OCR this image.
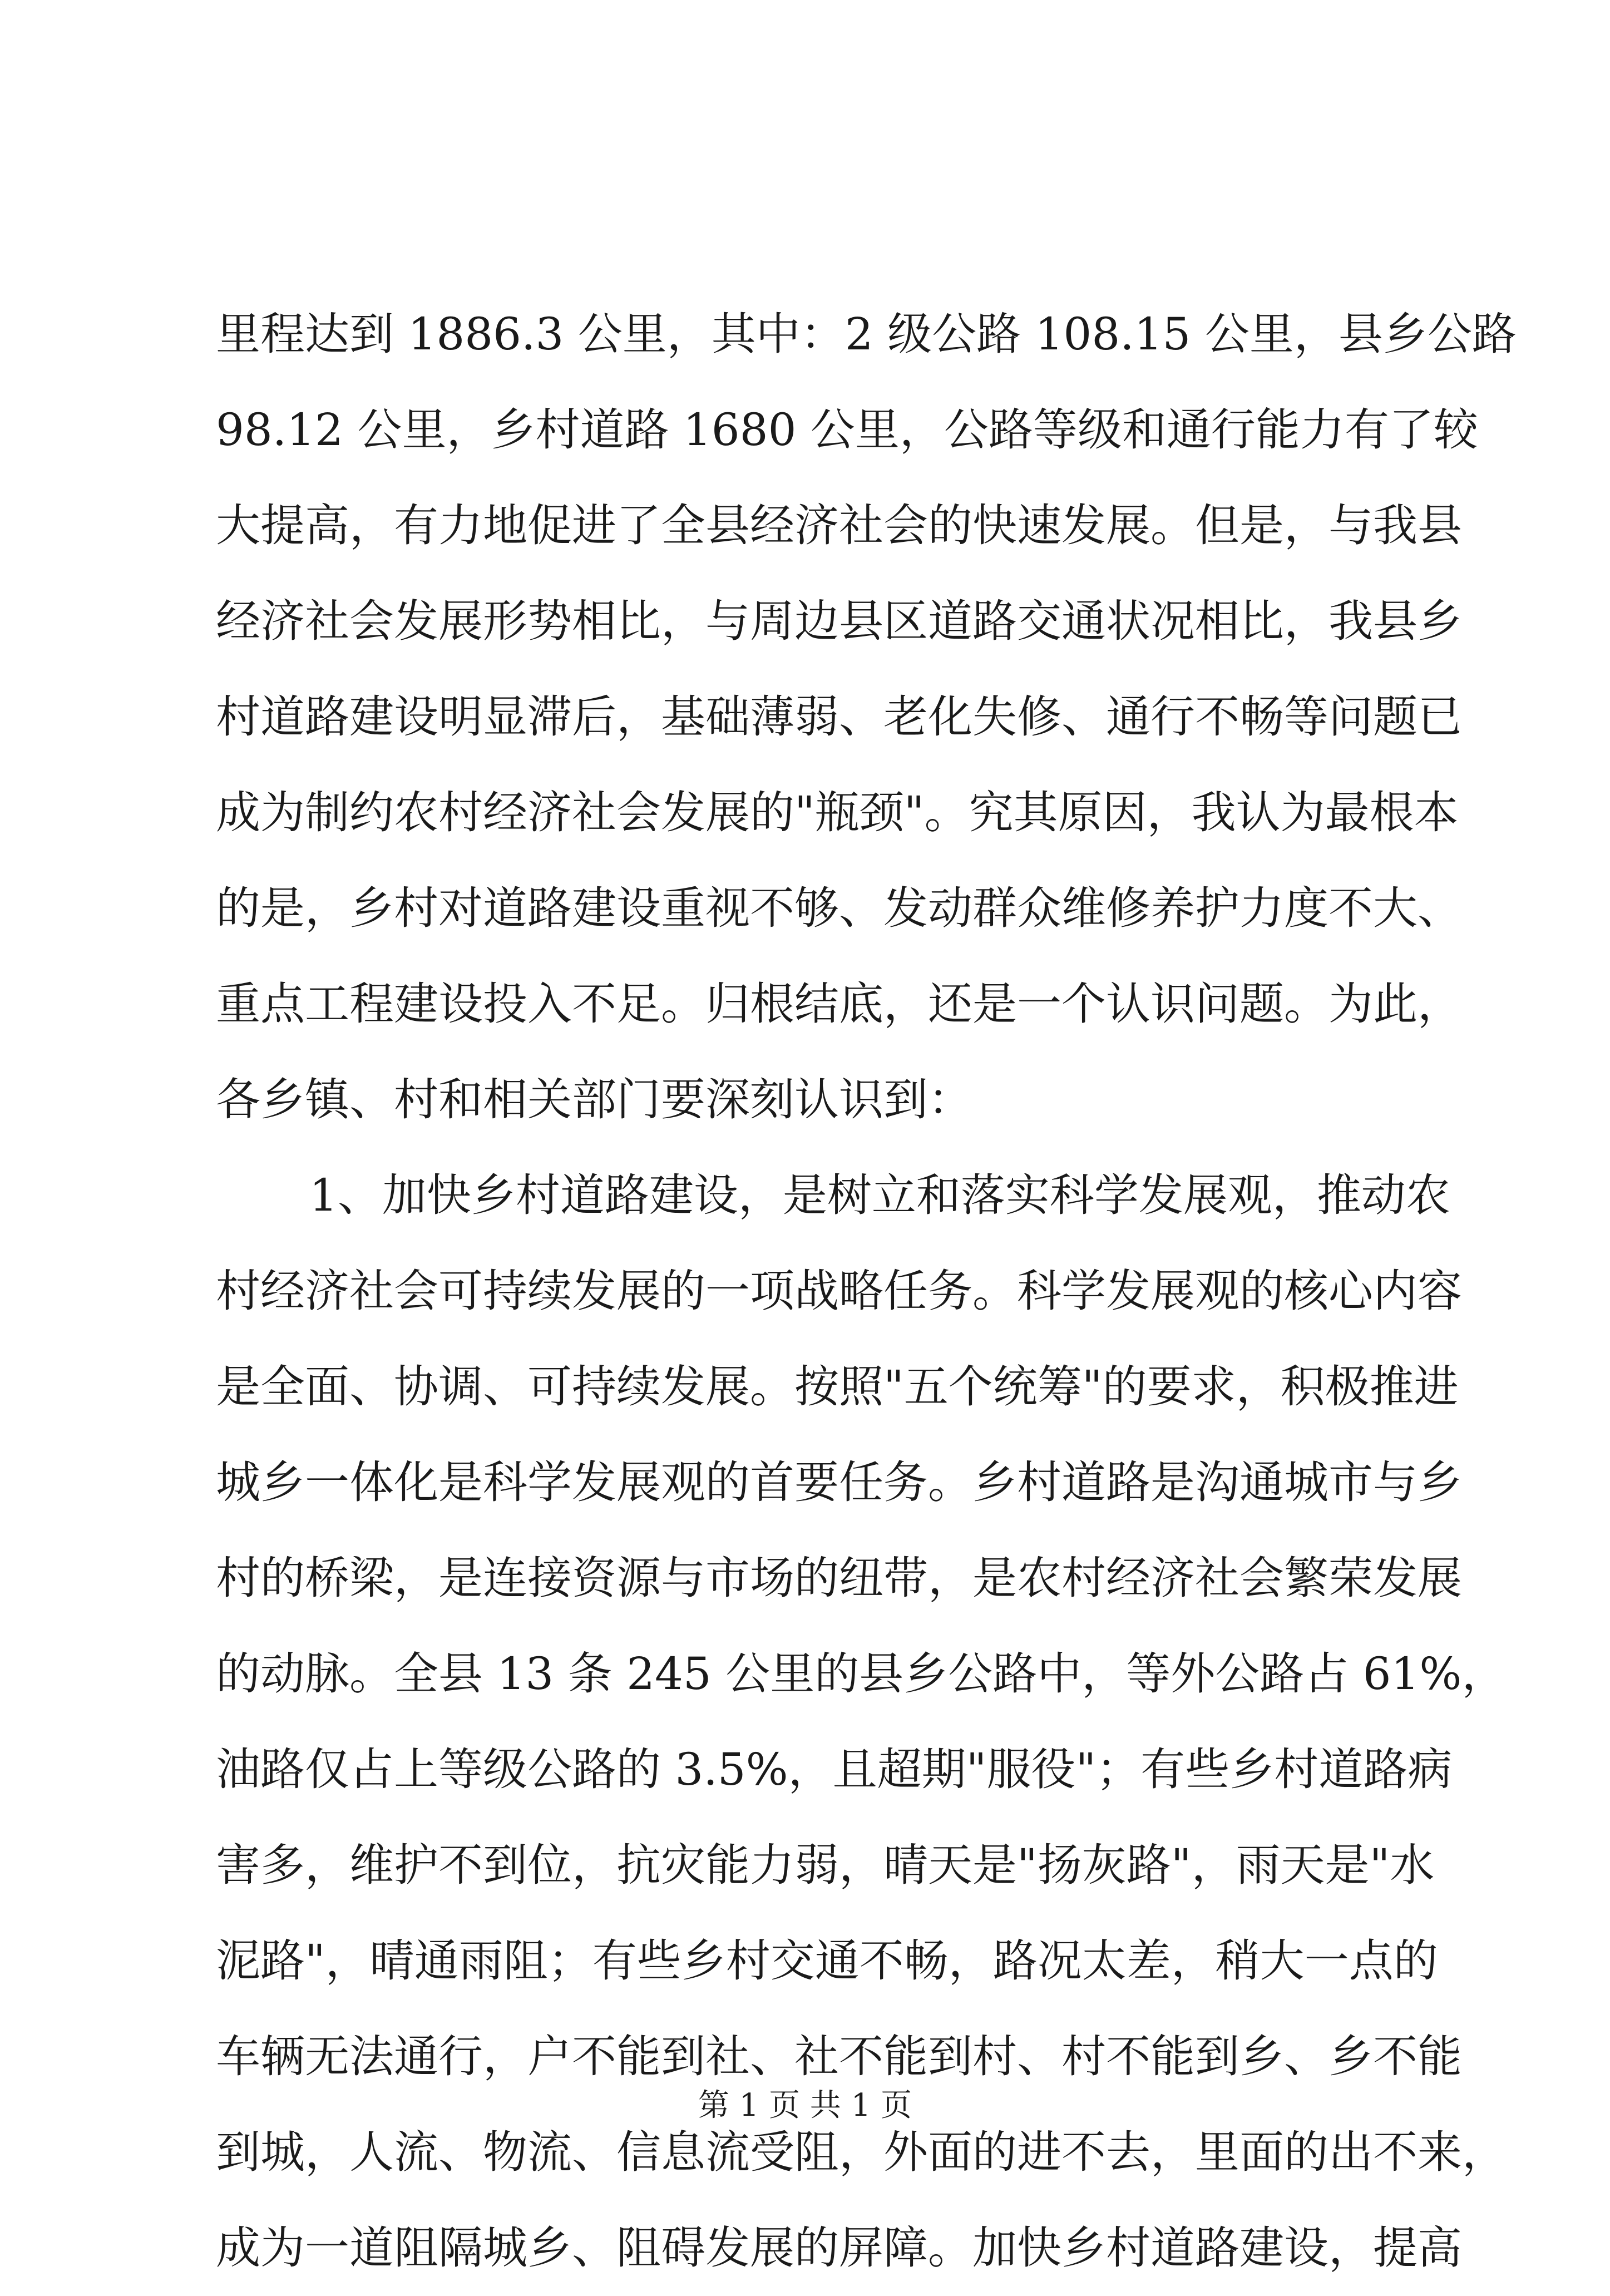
里程达到 1886.3 公里，其中：2 级公路 108.15 公里，县乡公路
98.12 公里，乡村道路 1680 公里，公路等级和通行能力有了较
大提高，有力地促进了全县经济社会的快速发展。但是，与我县
经济社会发展形势相比，与周边县区道路交通状况相比，我县乡
村道路建设明显滞后，基础薄弱、老化失修、通行不畅等问题已
成为制约农村经济社会发展的"瓶颈"。究其原因，我认为最根本
的是，乡村对道路建设重视不够、发动群众维修养护力度不大、
重点工程建设投入不足。归根结底，还是一个认识问题。为此，
各乡镇、村和相关部门要深刻认识到：
1、加快乡村道路建设，是树立和落实科学发展观，推动农
村经济社会可持续发展的一项战略任务。科学发展观的核心内容
是全面、协调、可持续发展。按照"五个统筹"的要求，积极推进
城乡一体化是科学发展观的首要任务。乡村道路是沟通城市与乡
村的桥梁，是连接资源与市场的纽带，是农村经济社会繁荣发展
的动脉。全县 13 条 245 公里的县乡公路中，等外公路占 61%，
油路仅占上等级公路的 3.5%，且超期"服役"；有些乡村道路病
害多，维护不到位，抗灾能力弱，晴天是"扬灰路"，雨天是"水
泥路"，晴通雨阻；有些乡村交通不畅，路况太差，稍大一点的
车辆无法通行，户不能到社、社不能到村、村不能到乡、乡不能
到城，人流、物流、信息流受阻，外面的进不去，里面的出不来，
成为一道阻隔城乡、阻碍发展的屏障。加快乡村道路建设，提高
第 1 页 共 1 页
